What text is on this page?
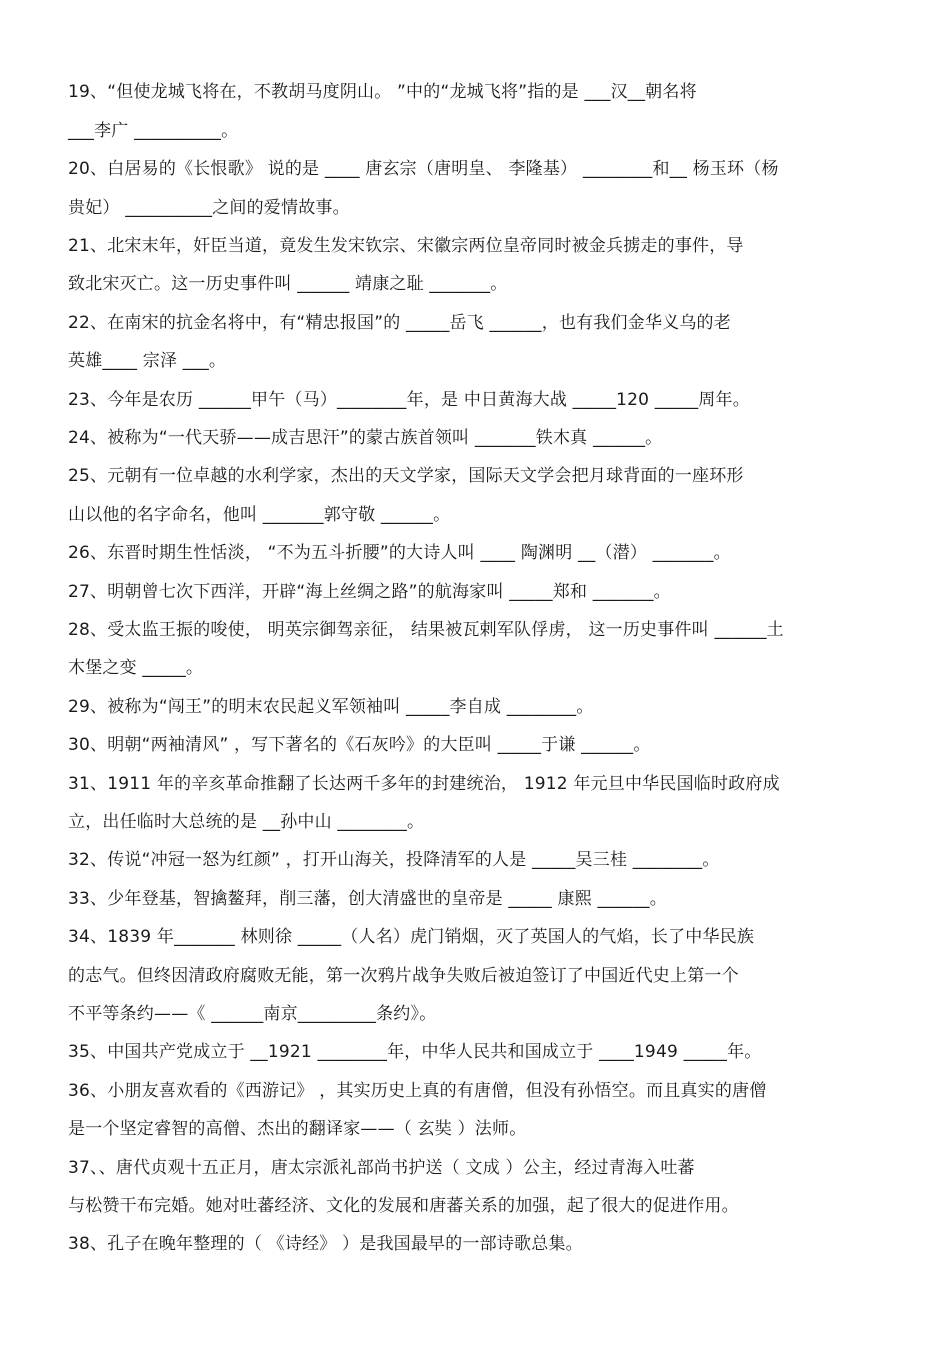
19、“但使龙城飞将在，不教胡马度阴山。 ”中的“龙城飞将”指的是 ___汉__朝名将
___李广 __________。
20、白居易的《长恨歌》 说的是 ____ 唐玄宗（唐明皇、 李隆基） ________和__ 杨玉环（杨
贵妃） __________之间的爱情故事。
21、北宋末年，奸臣当道，竟发生发宋钦宗、宋徽宗两位皇帝同时被金兵掳走的事件，导
致北宋灭亡。这一历史事件叫 ______ 靖康之耻 _______。
22、在南宋的抗金名将中，有“精忠报国”的 _____岳飞 ______，也有我们金华义乌的老
英雄____ 宗泽 ___。
23、今年是农历 ______甲午（马）________年，是 中日黄海大战 _____120 _____周年。
24、被称为“一代天骄——成吉思汗”的蒙古族首领叫 _______铁木真 ______。
25、元朝有一位卓越的水利学家，杰出的天文学家，国际天文学会把月球背面的一座环形
山以他的名字命名，他叫 _______郭守敬 ______。
26、东晋时期生性恬淡， “不为五斗折腰”的大诗人叫 ____ 陶渊明 __（潜） _______。
27、明朝曾七次下西洋，开辟“海上丝绸之路”的航海家叫 _____郑和 _______。
28、受太监王振的唆使， 明英宗御驾亲征， 结果被瓦剌军队俘虏， 这一历史事件叫 ______土
木堡之变 _____。
29、被称为“闯王”的明末农民起义军领袖叫 _____李自成 ________。
30、明朝“两袖清风” ，写下著名的《石灰吟》的大臣叫 _____于谦 ______。
31、1911 年的辛亥革命推翻了长达两千多年的封建统治， 1912 年元旦中华民国临时政府成
立，出任临时大总统的是 __孙中山 ________。
32、传说“冲冠一怒为红颜” ，打开山海关，投降清军的人是 _____吴三桂 ________。
33、少年登基，智擒鳌拜，削三藩，创大清盛世的皇帝是 _____ 康熙 ______。
34、1839 年_______ 林则徐 _____（人名）虎门销烟，灭了英国人的气焰，长了中华民族
的志气。但终因清政府腐败无能，第一次鸦片战争失败后被迫签订了中国近代史上第一个
不平等条约——《 ______南京_________条约》。
35、中国共产党成立于 __1921 ________年，中华人民共和国成立于 ____1949 _____年。
36、小朋友喜欢看的《西游记》 ，其实历史上真的有唐僧，但没有孙悟空。而且真实的唐僧
是一个坚定睿智的高僧、杰出的翻译家——（ 玄奘 ）法师。
37、、唐代贞观十五正月，唐太宗派礼部尚书护送（ 文成 ）公主，经过青海入吐蕃
与松赞干布完婚。她对吐蕃经济、文化的发展和唐蕃关系的加强，起了很大的促进作用。
38、孔子在晚年整理的（ 《诗经》 ）是我国最早的一部诗歌总集。
